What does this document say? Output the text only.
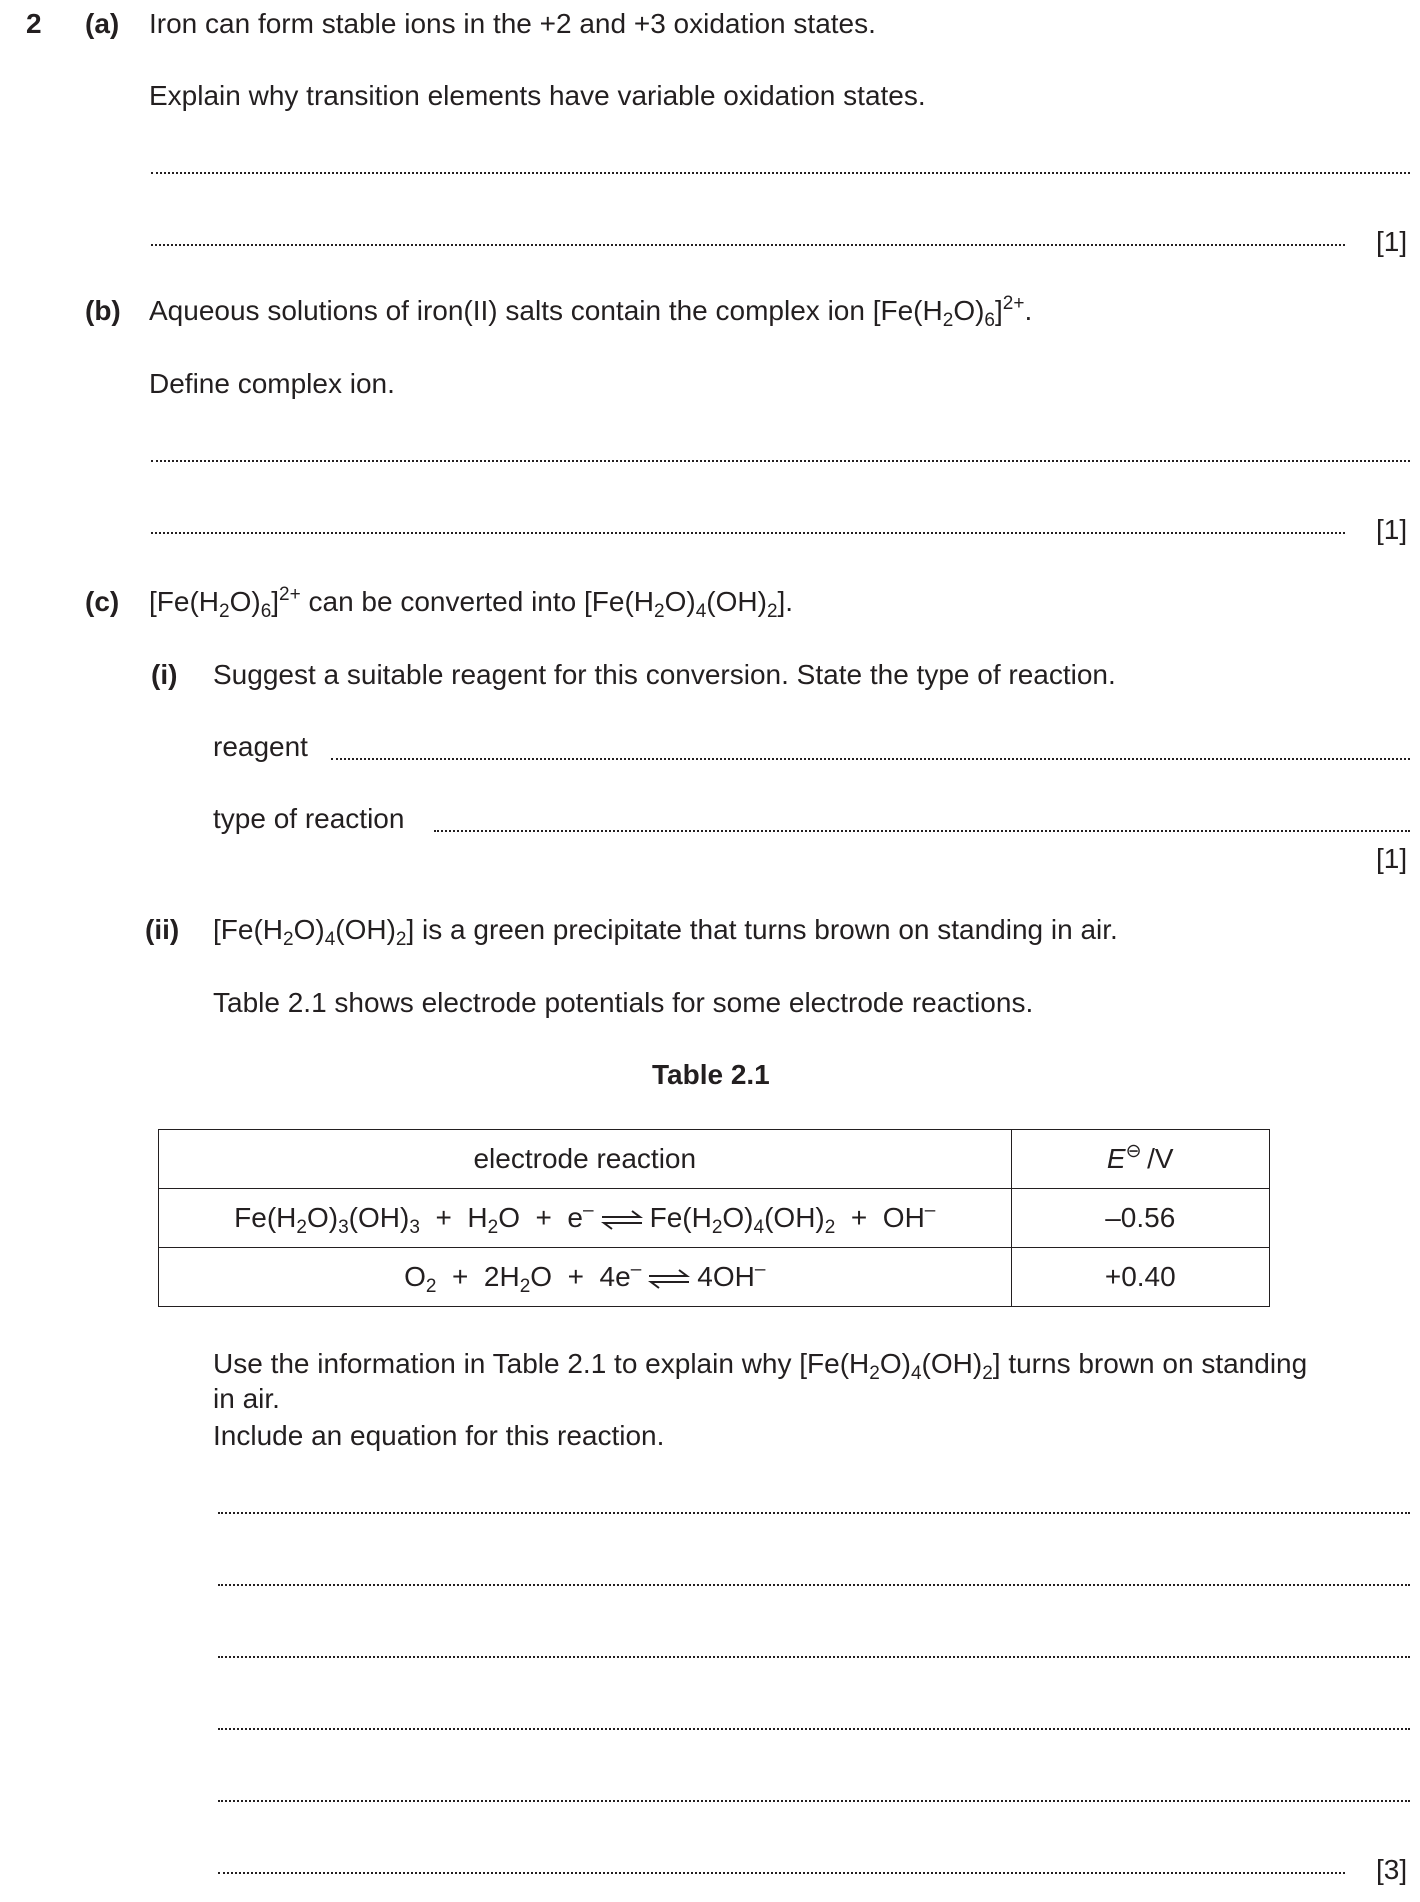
2 (a) Iron can form stable ions in the +2 and +3 oxidation states.
Explain why transition elements have variable oxidation states.
[1]
(b) Aqueous solutions of iron(II) salts contain the complex ion $[Fe(H_2O)_6]^{2+}$.
Define complex ion.
[1]
(c) $[Fe(H_2O)_6]^{2+}$ can be converted into $[Fe(H_2O)_4(OH)_2]$.
(i) Suggest a suitable reagent for this conversion. State the type of reaction.
reagent
type of reaction
[1]
(ii) $[Fe(H_2O)_4(OH)_2]$ is a green precipitate that turns brown on standing in air.
Table 2.1 shows electrode potentials for some electrode reactions.
Table 2.1
electrode reaction	E⊖  /V
$Fe(H_2O)_3(OH)_3 + H_2O + e^-$ ⇌ $Fe(H_2O)_4(OH)_2 + OH^-$	–0.56
$O_2 + 2H_2O + 4e^-$ ⇌ 4OH–	+0.40
Use the information in Table 2.1 to explain why $[Fe(H_2O)_4(OH)_2]$ turns brown on standing
in air.
Include an equation for this reaction.
[3]
